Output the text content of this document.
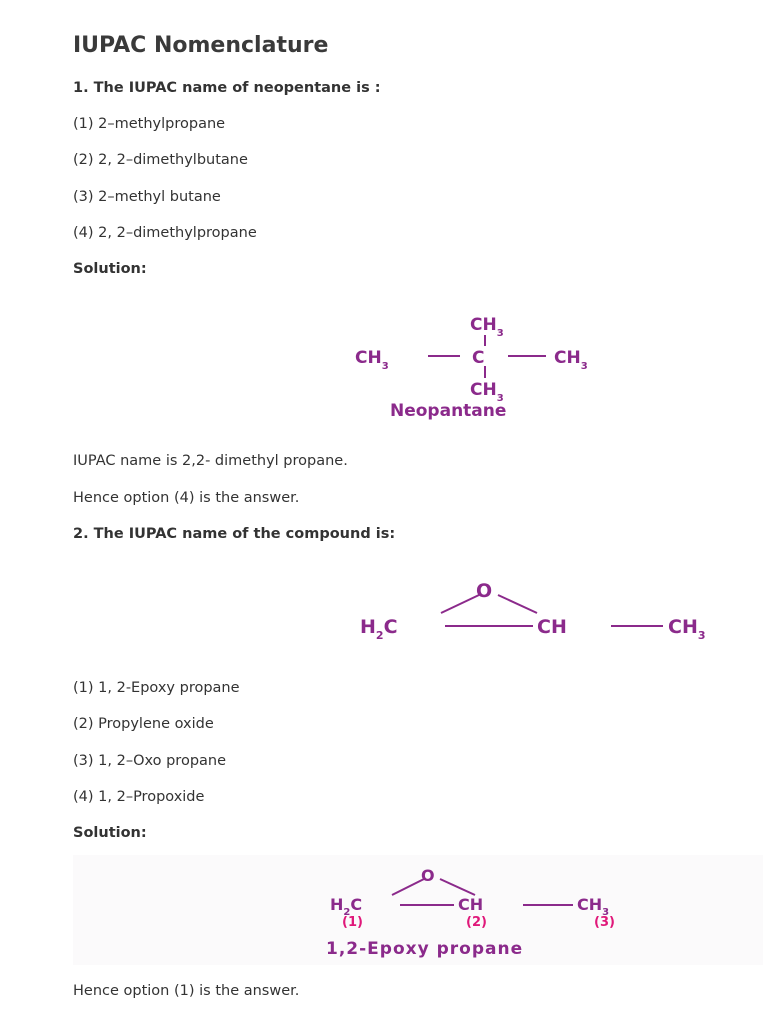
IUPAC Nomenclature

1. The IUPAC name of neopentane is :

(1) 2–methylpropane

(2) 2, 2–dimethylbutane

(3) 2–methyl butane

(4) 2, 2–dimethylpropane

Solution:

IUPAC name is 2,2- dimethyl propane.

Hence option (4) is the answer.

2. The IUPAC name of the compound is:

(1) 1, 2-Epoxy propane

(2) Propylene oxide

(3) 1, 2–Oxo propane

(4) 1, 2–Propoxide

Solution:

Hence option (1) is the answer.

$CH_3$
$CH_3$	C	$CH_3$
$CH_3$
Neopantane
O
$H_2C$	CH	$CH_3$
O
$H_2C$	CH	$CH_3$
(1)	(2)	(3)
1,2-Epoxy propane
